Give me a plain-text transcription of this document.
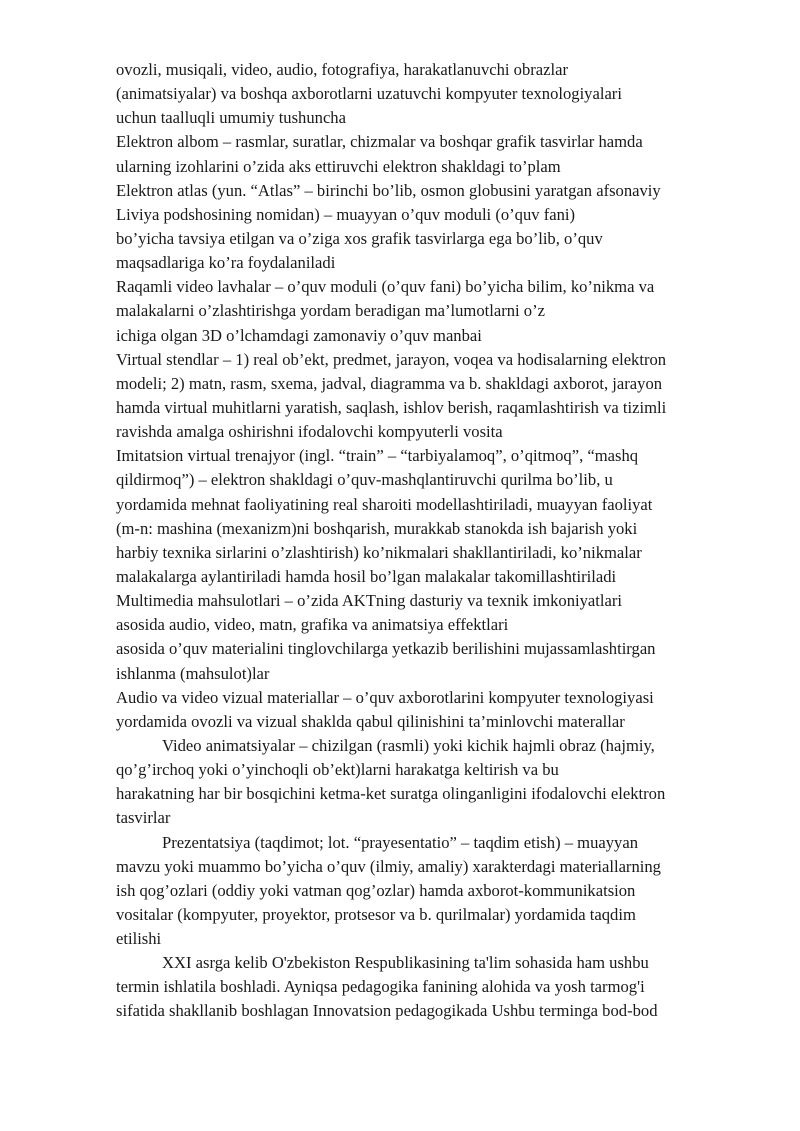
ovozli, musiqali, video, audio, fotografiya, harakatlanuvchi obrazlar
(animatsiyalar) va boshqa axborotlarni uzatuvchi kompyuter texnologiyalari
uchun taalluqli umumiy tushuncha
Elektron albom – rasmlar, suratlar, chizmalar va boshqar grafik tasvirlar hamda
ularning izohlarini o’zida aks ettiruvchi elektron shakldagi to’plam
Elektron atlas (yun. “Atlas” – birinchi bo’lib, osmon globusini yaratgan afsonaviy
Liviya podshosining nomidan) – muayyan o’quv moduli (o’quv fani)
bo’yicha tavsiya etilgan va o’ziga xos grafik tasvirlarga ega bo’lib, o’quv
maqsadlariga ko’ra foydalaniladi
Raqamli video lavhalar – o’quv moduli (o’quv fani) bo’yicha bilim, ko’nikma va
malakalarni o’zlashtirishga yordam beradigan ma’lumotlarni o’z
ichiga olgan 3D o’lchamdagi zamonaviy o’quv manbai
Virtual stendlar – 1) real ob’ekt, predmet, jarayon, voqea va hodisalarning elektron
modeli; 2) matn, rasm, sxema, jadval, diagramma va b. shakldagi axborot, jarayon
hamda virtual muhitlarni yaratish, saqlash, ishlov berish, raqamlashtirish va tizimli
ravishda amalga oshirishni ifodalovchi kompyuterli vosita
Imitatsion virtual trenajyor (ingl. “train” – “tarbiyalamoq”, o’qitmoq”, “mashq
qildirmoq”) – elektron shakldagi o’quv-mashqlantiruvchi qurilma bo’lib, u
yordamida mehnat faoliyatining real sharoiti modellashtiriladi, muayyan faoliyat
(m-n: mashina (mexanizm)ni boshqarish, murakkab stanokda ish bajarish yoki
harbiy texnika sirlarini o’zlashtirish) ko’nikmalari shakllantiriladi, ko’nikmalar
malakalarga aylantiriladi hamda hosil bo’lgan malakalar takomillashtiriladi
Multimedia mahsulotlari – o’zida AKTning dasturiy va texnik imkoniyatlari
asosida audio, video, matn, grafika va animatsiya effektlari
asosida o’quv materialini tinglovchilarga yetkazib berilishini mujassamlashtirgan
ishlanma (mahsulot)lar
Audio va video vizual materiallar – o’quv axborotlarini kompyuter texnologiyasi
yordamida ovozli va vizual shaklda qabul qilinishini ta’minlovchi materallar
Video animatsiyalar – chizilgan (rasmli) yoki kichik hajmli obraz (hajmiy,
qo’g’irchoq yoki o’yinchoqli ob’ekt)larni harakatga keltirish va bu
harakatning har bir bosqichini ketma-ket suratga olinganligini ifodalovchi elektron
tasvirlar
Prezentatsiya (taqdimot; lot. “prayesentatio” – taqdim etish) – muayyan
mavzu yoki muammo bo’yicha o’quv (ilmiy, amaliy) xarakterdagi materiallarning
ish qog’ozlari (oddiy yoki vatman qog’ozlar) hamda axborot-kommunikatsion
vositalar (kompyuter, proyektor, protsesor va b. qurilmalar) yordamida taqdim
etilishi
XXI asrga kelib O'zbekiston Respublikasining ta'lim sohasida ham ushbu
termin ishlatila boshladi. Ayniqsa pedagogika fanining alohida va yosh tarmog'i
sifatida shakllanib boshlagan Innovatsion pedagogikada Ushbu terminga bod-bod
